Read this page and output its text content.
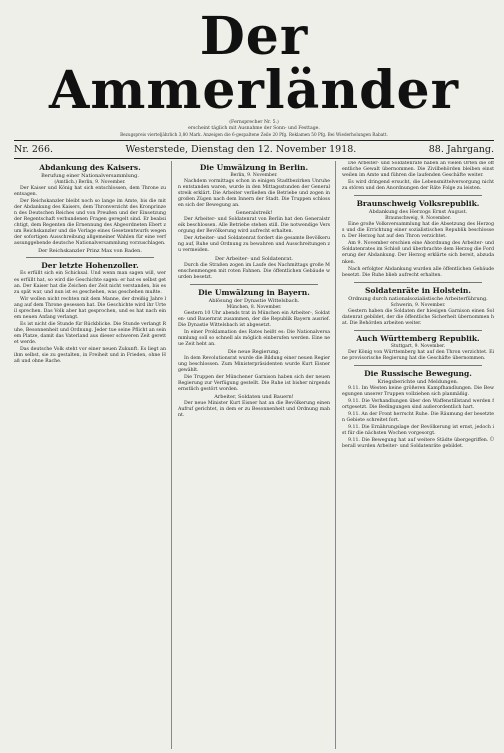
Der Ammerländer
(Fernsprecher Nr. 5.)
erscheint täglich mit Ausnahme der Sonn- und Festtage.
Bezugspreis vierteljährlich 3,80 Mark. Anzeigen die 6-gespaltene Zeile 20 Pfg. Reklamen 50 Pfg. Bei Wiederholungen Rabatt.
Nr. 266.	Westerstede, Dienstag den 12. November 1918.	88. Jahrgang.
Abdankung des Kaisers.
Berufung einer Nationalversammlung.
(Amtlich.) Berlin, 9. November.

Der Kaiser und König hat sich entschlossen, dem Throne zu entsagen.

Der Reichskanzler bleibt noch so lange im Amte, bis die mit der Abdankung des Kaisers, dem Thronverzicht des Kronprinzen des Deutschen Reiches und von Preußen und der Einsetzung der Regentschaft verbundenen Fragen geregelt sind. Er beabsichtigt, dem Regenten die Ernennung des Abgeordneten Ebert zum Reichskanzler und die Vorlage eines Gesetzentwurfs wegen der sofortigen Ausschreibung allgemeiner Wahlen für eine verfassunggebende deutsche Nationalversammlung vorzuschlagen.

Der Reichskanzler Prinz Max von Baden.
Der letzte Hohenzoller.

Es erfüllt sich ein Schicksal. Und wenn man sagen will, wer es erfüllt hat, so wird die Geschichte sagen: er hat es selbst getan. Der Kaiser hat die Zeichen der Zeit nicht verstanden, bis es zu spät war, und nun ist es geschehen, was geschehen mußte.

Wir wollen nicht rechten mit dem Manne, der dreißig Jahre lang auf dem Throne gesessen hat. Die Geschichte wird ihr Urteil sprechen. Das Volk aber hat gesprochen, und es hat nach einem neuen Anfang verlangt.

Es ist nicht die Stunde für Rückblicke. Die Stunde verlangt Ruhe, Besonnenheit und Ordnung. Jeder tue seine Pflicht an seinem Platze, damit das Vaterland aus dieser schweren Zeit gerettet werde.

Das deutsche Volk steht vor einer neuen Zukunft. Es liegt an ihm selbst, sie zu gestalten, in Freiheit und in Frieden, ohne Haß und ohne Rache.

Die Umwälzung in Berlin.
Berlin, 9. November.

Nachdem vormittags schon in einigen Stadtbezirken Unruhen entstanden waren, wurde in den Mittagsstunden der Generalstreik erklärt. Die Arbeiter verließen die Betriebe und zogen in großen Zügen nach dem Innern der Stadt. Die Truppen schlossen sich der Bewegung an.

Generalstreik!

Der Arbeiter- und Soldatenrat von Berlin hat den Generalstreik beschlossen. Alle Betriebe stehen still. Die notwendige Versorgung der Bevölkerung wird aufrecht erhalten.

Der Arbeiter- und Soldatenrat fordert die gesamte Bevölkerung auf, Ruhe und Ordnung zu bewahren und Ausschreitungen zu vermeiden.

Der Arbeiter- und Soldatenrat.

Durch die Straßen zogen im Laufe des Nachmittags große Menschenmengen mit roten Fahnen. Die öffentlichen Gebäude wurden besetzt.

Die Umwälzung in Bayern.
Ablösung der Dynastie Wittelsbach.
München, 8. November.

Gestern 10 Uhr abends trat in München ein Arbeiter-, Soldaten- und Bauernrat zusammen, der die Republik Bayern ausrief. Die Dynastie Wittelsbach ist abgesetzt.

In einer Proklamation des Rates heißt es: Die Nationalversammlung soll so schnell als möglich einberufen werden. Eine neue Zeit hebt an.

Die neue Regierung.

In dem Revolutionsrat wurde die Bildung einer neuen Regierung beschlossen. Zum Ministerpräsidenten wurde Kurt Eisner gewählt.

Die Truppen der Münchener Garnison haben sich der neuen Regierung zur Verfügung gestellt. Die Ruhe ist bisher nirgends ernstlich gestört worden.

Arbeiter, Soldaten und Bauern!

Der neue Minister Kurt Eisner hat an die Bevölkerung einen Aufruf gerichtet, in dem er zu Besonnenheit und Ordnung mahnt.

Die Arbeiter- und Soldatenräte haben an vielen Orten die öffentliche Gewalt übernommen. Die Zivilbehörden bleiben einstweilen im Amte und führen die laufenden Geschäfte weiter.

Es wird dringend ersucht, die Lebensmittelversorgung nicht zu stören und den Anordnungen der Räte Folge zu leisten.

Braunschweig Volksrepublik.
Abdankung des Herzogs Ernst August.
Braunschweig, 9. November.

Eine große Volksversammlung hat die Absetzung des Herzogs und die Errichtung einer sozialistischen Republik beschlossen. Der Herzog hat auf den Thron verzichtet.

Am 9. November erschien eine Abordnung des Arbeiter- und Soldatenrates im Schloß und überbrachte dem Herzog die Forderung der Abdankung. Der Herzog erklärte sich bereit, abzudanken.

Nach erfolgter Abdankung wurden alle öffentlichen Gebäude besetzt. Die Ruhe blieb aufrecht erhalten.

Soldatenräte in Holstein.
Ordnung durch nationalsozialistische Arbeiterführung.
Schwerin, 9. November.

Gestern haben die Soldaten der hiesigen Garnison einen Soldatenrat gebildet, der die öffentliche Sicherheit übernommen hat. Die Behörden arbeiten weiter.

Auch Württemberg Republik.
Stuttgart, 9. November.

Der König von Württemberg hat auf den Thron verzichtet. Eine provisorische Regierung hat die Geschäfte übernommen.

Die Russische Bewegung.
Kriegsberichte und Meldungen.

9.11. Im Westen keine größeren Kampfhandlungen. Die Bewegungen unserer Truppen vollziehen sich planmäßig.

9.11. Die Verhandlungen über den Waffenstillstand werden fortgesetzt. Die Bedingungen sind außerordentlich hart.

9.11. An der Front herrscht Ruhe. Die Räumung der besetzten Gebiete schreitet fort.

9.11. Die Ernährungslage der Bevölkerung ist ernst, jedoch ist für die nächsten Wochen vorgesorgt.

9.11. Die Bewegung hat auf weitere Städte übergegriffen. Überall wurden Arbeiter- und Soldatenräte gebildet.
